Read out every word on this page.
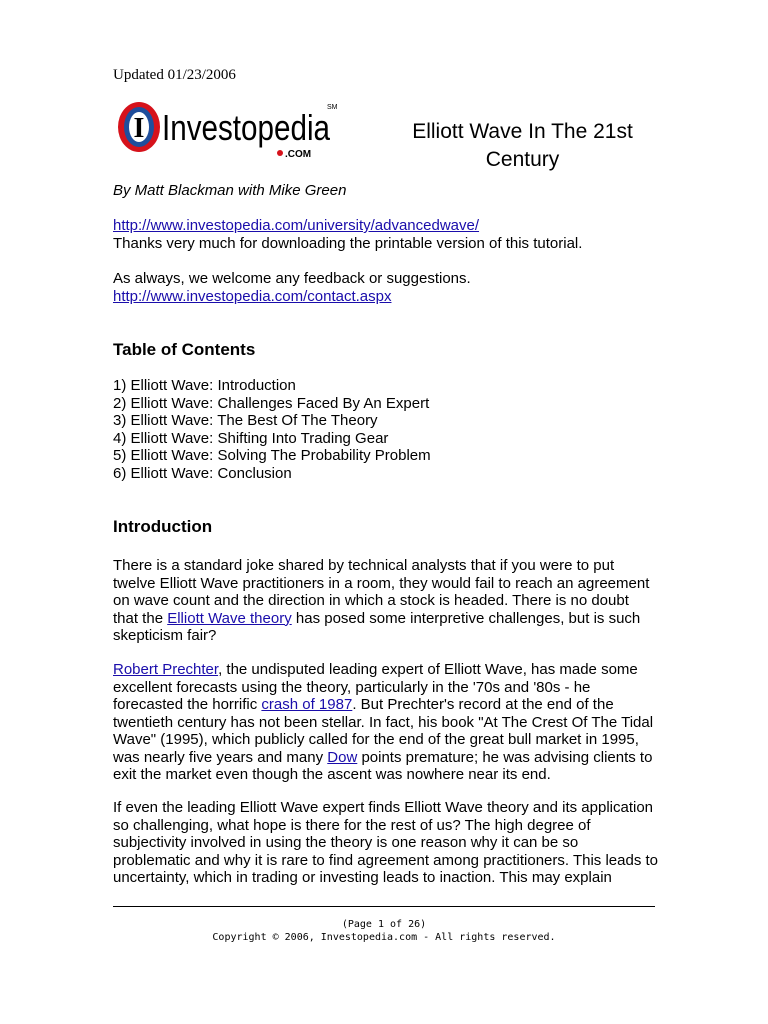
Updated 01/23/2006
I Investopedia
SM
.COM
Elliott Wave In The 21st
Century
By Matt Blackman with Mike Green
http://www.investopedia.com/university/advancedwave/
Thanks very much for downloading the printable version of this tutorial.
As always, we welcome any feedback or suggestions.
http://www.investopedia.com/contact.aspx
Table of Contents
1) Elliott Wave: Introduction
2) Elliott Wave: Challenges Faced By An Expert
3) Elliott Wave: The Best Of The Theory
4) Elliott Wave: Shifting Into Trading Gear
5) Elliott Wave: Solving The Probability Problem
6) Elliott Wave: Conclusion
Introduction
There is a standard joke shared by technical analysts that if you were to put twelve Elliott Wave practitioners in a room, they would fail to reach an agreement on wave count and the direction in which a stock is headed. There is no doubt that the Elliott Wave theory has posed some interpretive challenges, but is such skepticism fair?
Robert Prechter, the undisputed leading expert of Elliott Wave, has made some excellent forecasts using the theory, particularly in the '70s and '80s - he forecasted the horrific crash of 1987. But Prechter's record at the end of the twentieth century has not been stellar. In fact, his book "At The Crest Of The Tidal Wave" (1995), which publicly called for the end of the great bull market in 1995, was nearly five years and many Dow points premature; he was advising clients to exit the market even though the ascent was nowhere near its end.
If even the leading Elliott Wave expert finds Elliott Wave theory and its application so challenging, what hope is there for the rest of us? The high degree of subjectivity involved in using the theory is one reason why it can be so problematic and why it is rare to find agreement among practitioners. This leads to uncertainty, which in trading or investing leads to inaction. This may explain
(Page 1 of 26)
Copyright © 2006, Investopedia.com - All rights reserved.
